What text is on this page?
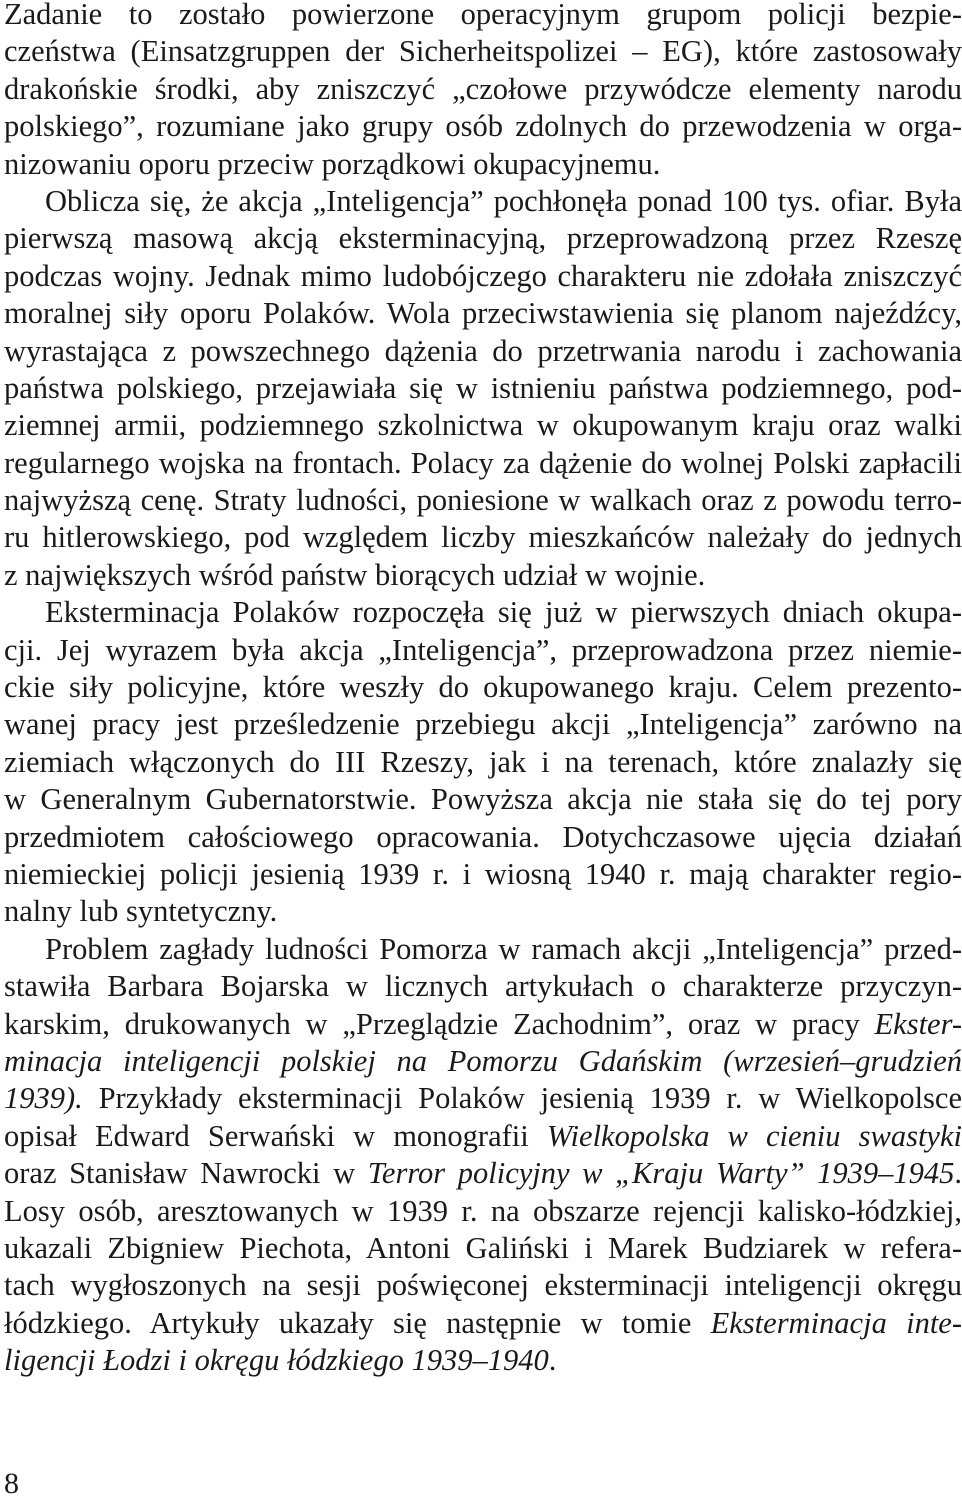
Zadanie to zostało powierzone operacyjnym grupom policji bezpie-
czeństwa (Einsatzgruppen der Sicherheitspolizei – EG), które zastosowały
drakońskie środki, aby zniszczyć „czołowe przywódcze elementy narodu
polskiego”, rozumiane jako grupy osób zdolnych do przewodzenia w orga-
nizowaniu oporu przeciw porządkowi okupacyjnemu.
Oblicza się, że akcja „Inteligencja” pochłonęła ponad 100 tys. ofiar. Była
pierwszą masową akcją eksterminacyjną, przeprowadzoną przez Rzeszę
podczas wojny. Jednak mimo ludobójczego charakteru nie zdołała zniszczyć
moralnej siły oporu Polaków. Wola przeciwstawienia się planom najeźdźcy,
wyrastająca z powszechnego dążenia do przetrwania narodu i zachowania
państwa polskiego, przejawiała się w istnieniu państwa podziemnego, pod-
ziemnej armii, podziemnego szkolnictwa w okupowanym kraju oraz walki
regularnego wojska na frontach. Polacy za dążenie do wolnej Polski zapłacili
najwyższą cenę. Straty ludności, poniesione w walkach oraz z powodu terro-
ru hitlerowskiego, pod względem liczby mieszkańców należały do jednych
z największych wśród państw biorących udział w wojnie.
Eksterminacja Polaków rozpoczęła się już w pierwszych dniach okupa-
cji. Jej wyrazem była akcja „Inteligencja”, przeprowadzona przez niemie-
ckie siły policyjne, które weszły do okupowanego kraju. Celem prezento-
wanej pracy jest prześledzenie przebiegu akcji „Inteligencja” zarówno na
ziemiach włączonych do III Rzeszy, jak i na terenach, które znalazły się
w Generalnym Gubernatorstwie. Powyższa akcja nie stała się do tej pory
przedmiotem całościowego opracowania. Dotychczasowe ujęcia działań
niemieckiej policji jesienią 1939 r. i wiosną 1940 r. mają charakter regio-
nalny lub syntetyczny.
Problem zagłady ludności Pomorza w ramach akcji „Inteligencja” przed-
stawiła Barbara Bojarska w licznych artykułach o charakterze przyczyn-
karskim, drukowanych w „Przeglądzie Zachodnim”, oraz w pracy Ekster-
minacja inteligencji polskiej na Pomorzu Gdańskim (wrzesień–grudzień
1939). Przykłady eksterminacji Polaków jesienią 1939 r. w Wielkopolsce
opisał Edward Serwański w monografii Wielkopolska w cieniu swastyki
oraz Stanisław Nawrocki w Terror policyjny w „Kraju Warty” 1939–1945.
Losy osób, aresztowanych w 1939 r. na obszarze rejencji kalisko-łódzkiej,
ukazali Zbigniew Piechota, Antoni Galiński i Marek Budziarek w refera-
tach wygłoszonych na sesji poświęconej eksterminacji inteligencji okręgu
łódzkiego. Artykuły ukazały się następnie w tomie Eksterminacja inte-
ligencji Łodzi i okręgu łódzkiego 1939–1940.
8
